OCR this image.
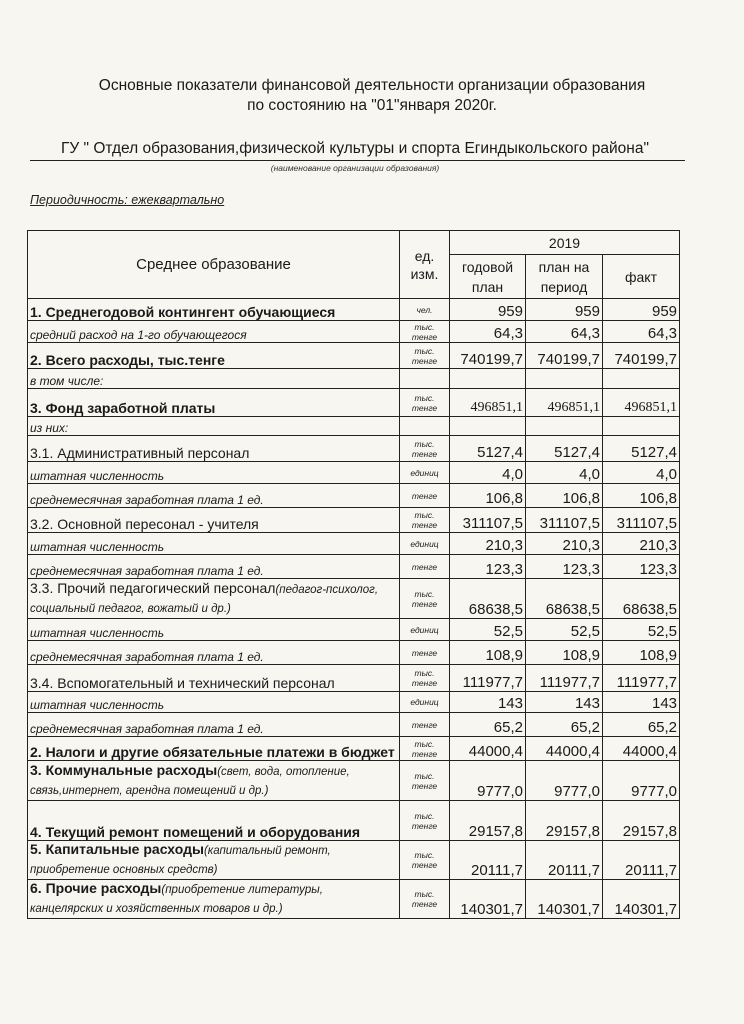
Основные показатели финансовой деятельности организации образования
по состоянию на "01"января 2020г.
ГУ " Отдел образования,физической культуры и спорта Егиндыкольского района"
(наименование организации образования)
Периодичность: ежеквартально
Среднее образование	ед. изм.	2019		
		годовой план	план на период	факт
1. Среднегодовой контингент обучающиеся	чел.	959	959	959
средний расход на 1-го обучающегося	тыс. тенге	64,3	64,3	64,3
2. Всего расходы, тыс.тенге	тыс. тенге	740199,7	740199,7	740199,7
в том числе:				
3. Фонд заработной платы	тыс. тенге	496851,1	496851,1	496851,1
из них:				
3.1. Административный персонал	тыс. тенге	5127,4	5127,4	5127,4
штатная численность	единиц	4,0	4,0	4,0
среднемесячная заработная плата 1 ед.	тенге	106,8	106,8	106,8
3.2. Основной пересонал - учителя	тыс. тенге	311107,5	311107,5	311107,5
штатная численность	единиц	210,3	210,3	210,3
среднемесячная заработная плата 1 ед.	тенге	123,3	123,3	123,3
3.3. Прочий педагогический персонал(педагог-психолог, социальный педагог, вожатый и др.)	тыс. тенге	68638,5	68638,5	68638,5
штатная численность	единиц	52,5	52,5	52,5
среднемесячная заработная плата 1 ед.	тенге	108,9	108,9	108,9
3.4. Вспомогательный и технический персонал	тыс. тенге	111977,7	111977,7	111977,7
штатная численность	единиц	143	143	143
среднемесячная заработная плата 1 ед.	тенге	65,2	65,2	65,2
2. Налоги и другие обязательные платежи в бюджет	тыс. тенге	44000,4	44000,4	44000,4
3. Коммунальные расходы(свет, вода, отопление, связь,интернет, арендна помещений и др.)	тыс. тенге	9777,0	9777,0	9777,0
4. Текущий ремонт помещений и оборудования	тыс. тенге	29157,8	29157,8	29157,8
5. Капитальные расходы(капитальный ремонт, приобретение основных средств)	тыс. тенге	20111,7	20111,7	20111,7
6. Прочие расходы(приобретение литературы, канцелярских и хозяйственных товаров и др.)	тыс. тенге	140301,7	140301,7	140301,7
